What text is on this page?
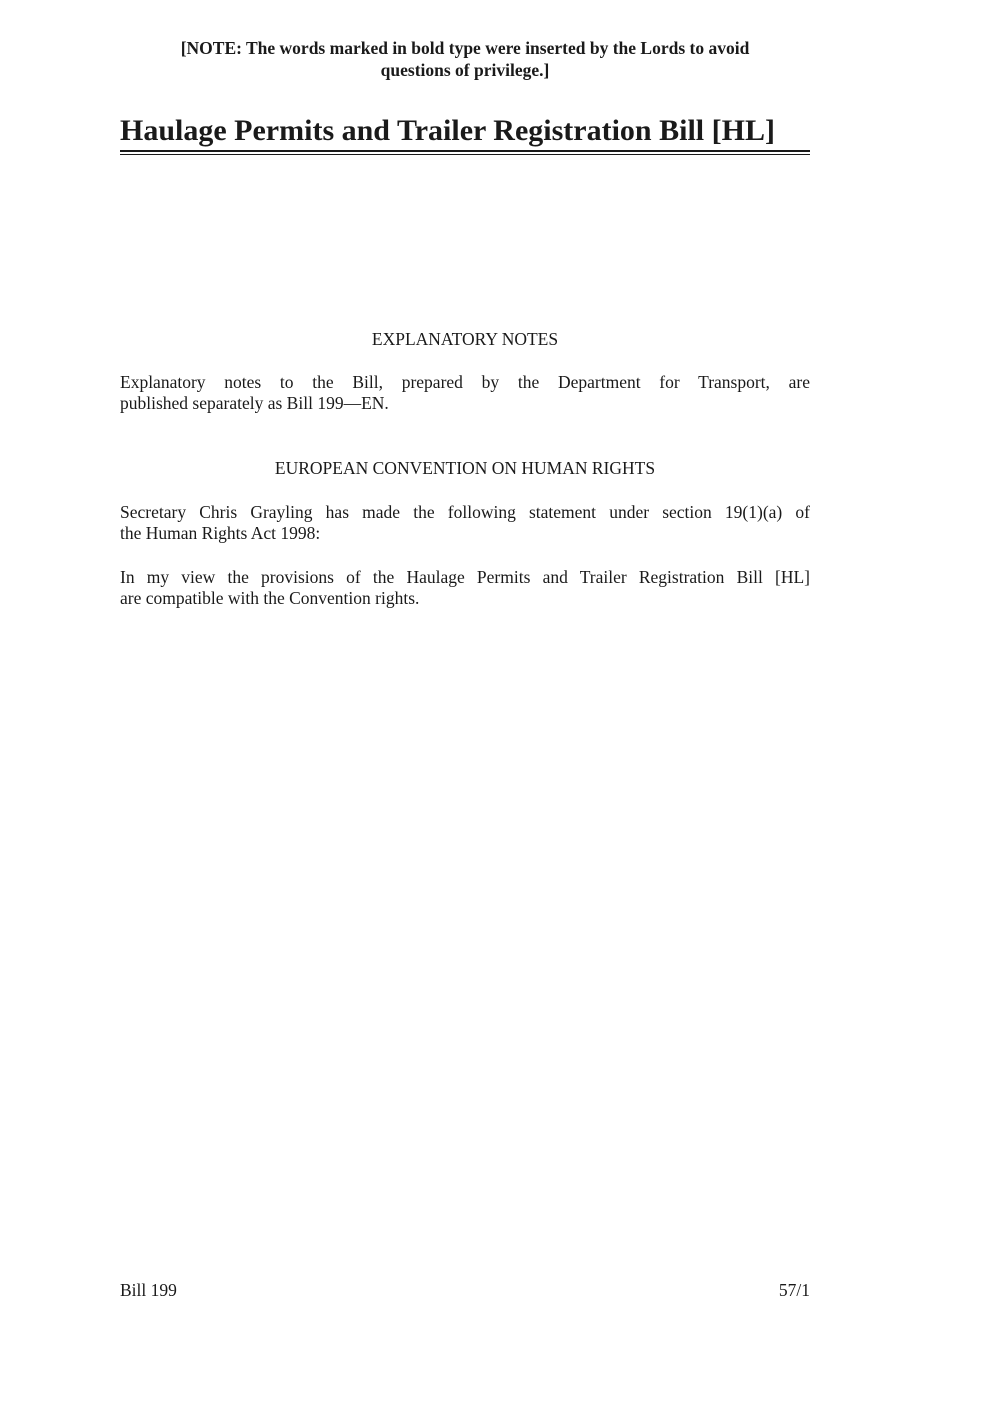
[NOTE: The words marked in bold type were inserted by the Lords to avoid
questions of privilege.]
Haulage Permits and Trailer Registration Bill [HL]
EXPLANATORY NOTES
Explanatory notes to the Bill, prepared by the Department for Transport, are
published separately as Bill 199—EN.
EUROPEAN CONVENTION ON HUMAN RIGHTS
Secretary Chris Grayling has made the following statement under section 19(1)(a) of
the Human Rights Act 1998:
In my view the provisions of the Haulage Permits and Trailer Registration Bill [HL]
are compatible with the Convention rights.
Bill 199	57/1
